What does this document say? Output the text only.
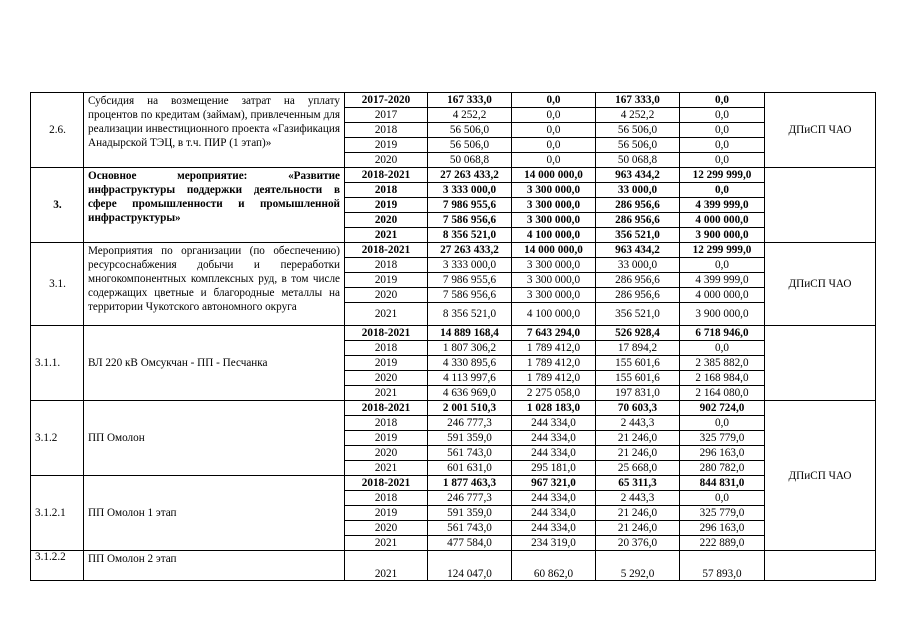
2.6.	Субсидия на возмещение затрат на уплату процентов по кредитам (займам), привлеченным для реализации инвестиционного проекта «Газификация Анадырской ТЭЦ, в т.ч. ПИР (1 этап)»	2017-2020	167 333,0	0,0	167 333,0	0,0	ДПиСП ЧАО
		2017	4 252,2	0,0	4 252,2	0,0	
		2018	56 506,0	0,0	56 506,0	0,0	
		2019	56 506,0	0,0	56 506,0	0,0	
		2020	50 068,8	0,0	50 068,8	0,0	
3.	Основное мероприятие: «Развитие инфраструктуры поддержки деятельности в сфере промышленности и промышленной инфраструктуры»	2018-2021	27 263 433,2	14 000 000,0	963 434,2	12 299 999,0	
		2018	3 333 000,0	3 300 000,0	33 000,0	0,0	
		2019	7 986 955,6	3 300 000,0	286 956,6	4 399 999,0	
		2020	7 586 956,6	3 300 000,0	286 956,6	4 000 000,0	
		2021	8 356 521,0	4 100 000,0	356 521,0	3 900 000,0	
3.1.	Мероприятия по организации (по обеспечению) ресурсоснабжения добычи и переработки многокомпонентных комплексных руд, в том числе содержащих цветные и благородные металлы на территории Чукотского автономного округа	2018-2021	27 263 433,2	14 000 000,0	963 434,2	12 299 999,0	ДПиСП ЧАО
		2018	3 333 000,0	3 300 000,0	33 000,0	0,0	
		2019	7 986 955,6	3 300 000,0	286 956,6	4 399 999,0	
		2020	7 586 956,6	3 300 000,0	286 956,6	4 000 000,0	
		2021	8 356 521,0	4 100 000,0	356 521,0	3 900 000,0	
3.1.1.	ВЛ 220 кВ Омсукчан - ПП - Песчанка	2018-2021	14 889 168,4	7 643 294,0	526 928,4	6 718 946,0	
		2018	1 807 306,2	1 789 412,0	17 894,2	0,0	
		2019	4 330 895,6	1 789 412,0	155 601,6	2 385 882,0	
		2020	4 113 997,6	1 789 412,0	155 601,6	2 168 984,0	
		2021	4 636 969,0	2 275 058,0	197 831,0	2 164 080,0	
3.1.2	ПП Омолон	2018-2021	2 001 510,3	1 028 183,0	70 603,3	902 724,0	ДПиСП ЧАО
		2018	246 777,3	244 334,0	2 443,3	0,0	
		2019	591 359,0	244 334,0	21 246,0	325 779,0	
		2020	561 743,0	244 334,0	21 246,0	296 163,0	
		2021	601 631,0	295 181,0	25 668,0	280 782,0	
3.1.2.1	ПП Омолон 1 этап	2018-2021	1 877 463,3	967 321,0	65 311,3	844 831,0	
		2018	246 777,3	244 334,0	2 443,3	0,0	
		2019	591 359,0	244 334,0	21 246,0	325 779,0	
		2020	561 743,0	244 334,0	21 246,0	296 163,0	
		2021	477 584,0	234 319,0	20 376,0	222 889,0	
3.1.2.2	ПП Омолон 2 этап	2021	124 047,0	60 862,0	5 292,0	57 893,0	
